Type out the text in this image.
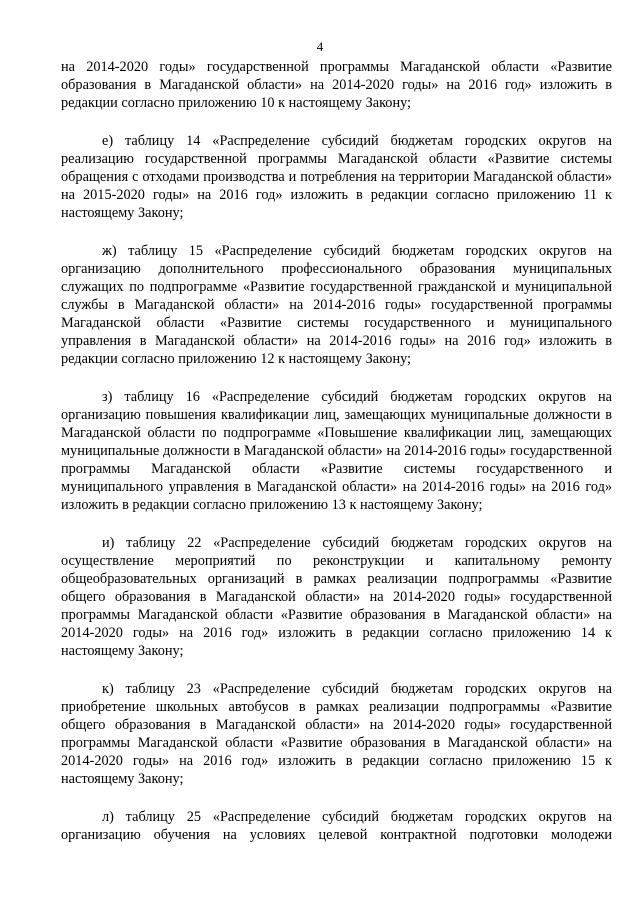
4

на 2014-2020 годы» государственной программы Магаданской области «Развитие образования в Магаданской области» на 2014-2020 годы» на 2016 год» изложить в редакции согласно приложению 10 к настоящему Закону;

е) таблицу 14 «Распределение субсидий бюджетам городских округов на реализацию государственной программы Магаданской области «Развитие системы обращения с отходами производства и потребления на территории Магаданской области» на 2015-2020 годы» на 2016 год» изложить в редакции согласно приложению 11 к настоящему Закону;

ж) таблицу 15 «Распределение субсидий бюджетам городских округов на организацию дополнительного профессионального образования муниципальных служащих по подпрограмме «Развитие государственной гражданской и муниципальной службы в Магаданской области» на 2014-2016 годы» государственной программы Магаданской области «Развитие системы государственного и муниципального управления в Магаданской области» на 2014-2016 годы» на 2016 год» изложить в редакции согласно приложению 12 к настоящему Закону;

з) таблицу 16 «Распределение субсидий бюджетам городских округов на организацию повышения квалификации лиц, замещающих муниципальные должности в Магаданской области по подпрограмме «Повышение квалификации лиц, замещающих муниципальные должности в Магаданской области» на 2014-2016 годы» государственной программы Магаданской области «Развитие системы государственного и муниципального управления в Магаданской области» на 2014-2016 годы» на 2016 год» изложить в редакции согласно приложению 13 к настоящему Закону;

и) таблицу 22 «Распределение субсидий бюджетам городских округов на осуществление мероприятий по реконструкции и капитальному ремонту общеобразовательных организаций в рамках реализации подпрограммы «Развитие общего образования в Магаданской области» на 2014-2020 годы» государственной программы Магаданской области «Развитие образования в Магаданской области» на 2014-2020 годы» на 2016 год» изложить в редакции согласно приложению 14 к настоящему Закону;

к) таблицу 23 «Распределение субсидий бюджетам городских округов на приобретение школьных автобусов в рамках реализации подпрограммы «Развитие общего образования в Магаданской области» на 2014-2020 годы» государственной программы Магаданской области «Развитие образования в Магаданской области» на 2014-2020 годы» на 2016 год» изложить в редакции согласно приложению 15 к настоящему Закону;

л) таблицу 25 «Распределение субсидий бюджетам городских округов на организацию обучения на условиях целевой контрактной подготовки молодежи
